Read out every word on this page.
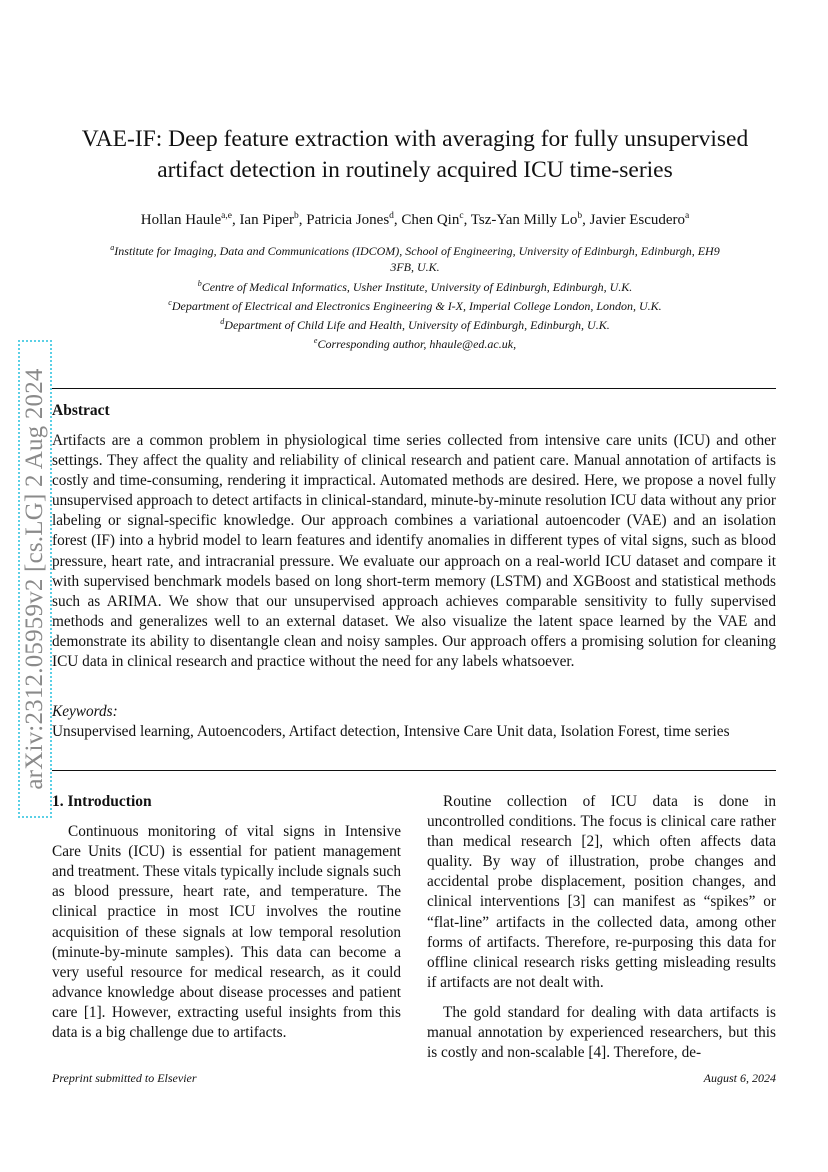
arXiv:2312.05959v2 [cs.LG] 2 Aug 2024
VAE-IF: Deep feature extraction with averaging for fully unsupervised
artifact detection in routinely acquired ICU time-series
Hollan Haule$^{a,e}$, Ian Piper$^b$, Patricia Jones$^d$, Chen Qin$^c$, Tsz-Yan Milly Lo$^b$, Javier Escudero$^a$
$^a$Institute for Imaging, Data and Communications (IDCOM), School of Engineering, University of Edinburgh, Edinburgh, EH9 3FB, U.K.
$^b$Centre of Medical Informatics, Usher Institute, University of Edinburgh, Edinburgh, U.K.
$^c$Department of Electrical and Electronics Engineering & I-X, Imperial College London, London, U.K.
$^d$Department of Child Life and Health, University of Edinburgh, Edinburgh, U.K.
$^e$Corresponding author, hhaule@ed.ac.uk,
Abstract

Artifacts are a common problem in physiological time series collected from intensive care units (ICU) and other settings. They affect the quality and reliability of clinical research and patient care. Manual annotation of artifacts is costly and time-consuming, rendering it impractical. Automated methods are desired. Here, we propose a novel fully unsupervised approach to detect artifacts in clinical-standard, minute-by-minute resolution ICU data without any prior labeling or signal-specific knowledge. Our approach combines a variational autoencoder (VAE) and an isolation forest (IF) into a hybrid model to learn features and identify anomalies in different types of vital signs, such as blood pressure, heart rate, and intracranial pressure. We evaluate our approach on a real-world ICU dataset and compare it with supervised benchmark models based on long short-term memory (LSTM) and XGBoost and statistical methods such as ARIMA. We show that our unsupervised approach achieves comparable sensitivity to fully supervised methods and generalizes well to an external dataset. We also visualize the latent space learned by the VAE and demonstrate its ability to disentangle clean and noisy samples. Our approach offers a promising solution for cleaning ICU data in clinical research and practice without the need for any labels whatsoever.

Keywords:

Unsupervised learning, Autoencoders, Artifact detection, Intensive Care Unit data, Isolation Forest, time series

1. Introduction

Continuous monitoring of vital signs in Intensive Care Units (ICU) is essential for patient management and treatment. These vitals typically include signals such as blood pressure, heart rate, and temperature. The clinical practice in most ICU involves the routine acquisition of these signals at low temporal resolution (minute-by-minute samples). This data can become a very useful resource for medical research, as it could advance knowledge about disease processes and patient care [1]. However, extracting useful insights from this data is a big challenge due to artifacts.

Routine collection of ICU data is done in uncontrolled conditions. The focus is clinical care rather than medical research [2], which often affects data quality. By way of illustration, probe changes and accidental probe displacement, position changes, and clinical interventions [3] can manifest as “spikes” or “flat-line” artifacts in the collected data, among other forms of artifacts. Therefore, re-purposing this data for offline clinical research risks getting misleading results if artifacts are not dealt with.

The gold standard for dealing with data artifacts is manual annotation by experienced researchers, but this is costly and non-scalable [4]. Therefore, de-

Preprint submitted to Elsevier	August 6, 2024
